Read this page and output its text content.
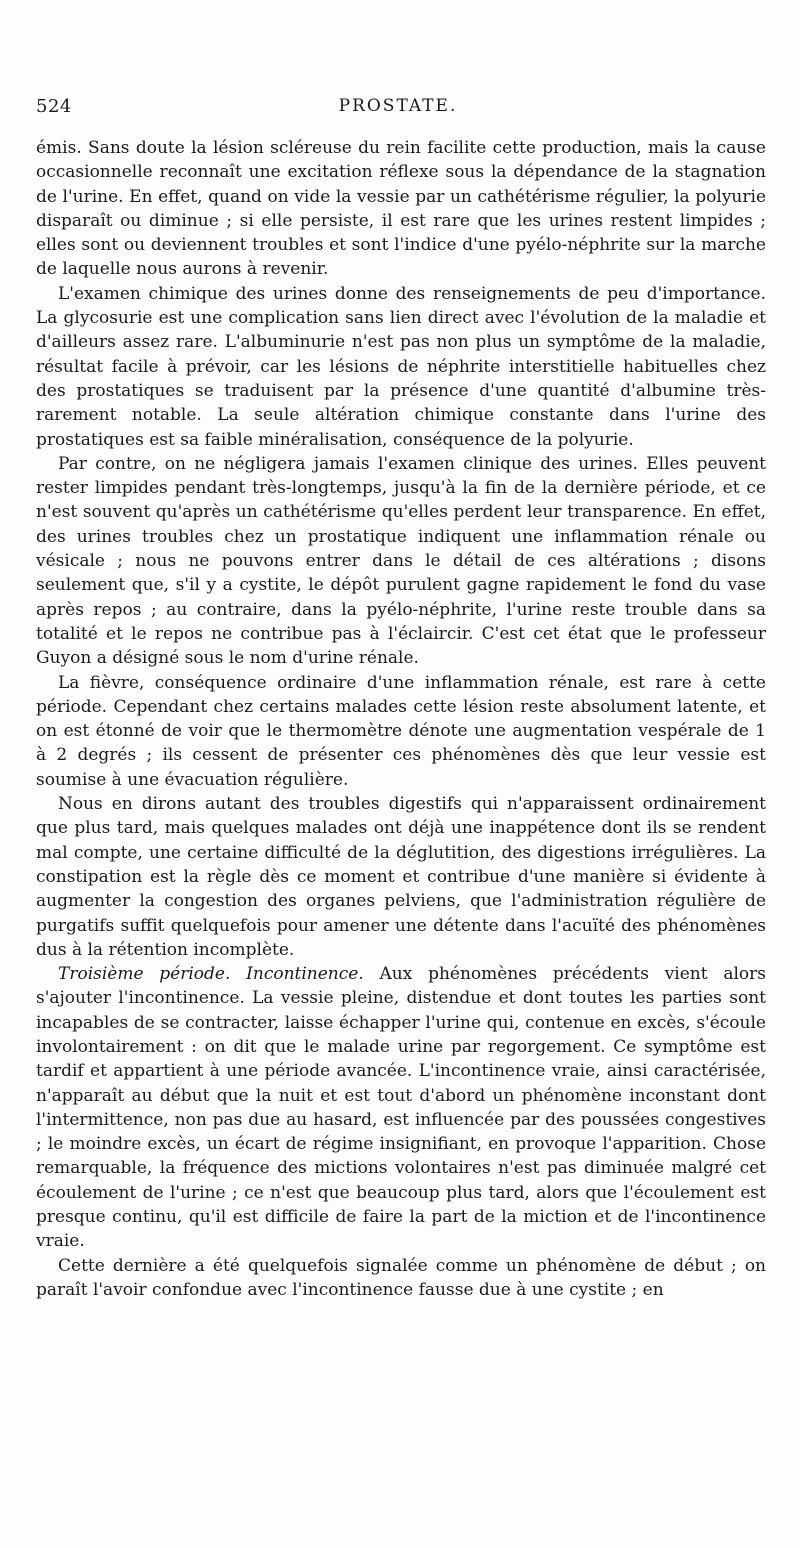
524	PROSTATE.

émis. Sans doute la lésion scléreuse du rein facilite cette production, mais la cause occasionnelle reconnaît une excitation réflexe sous la dépendance de la stagnation de l'urine. En effet, quand on vide la vessie par un cathétérisme régulier, la polyurie disparaît ou diminue ; si elle persiste, il est rare que les urines restent limpides ; elles sont ou deviennent troubles et sont l'indice d'une pyélo-néphrite sur la marche de laquelle nous aurons à revenir.

L'examen chimique des urines donne des renseignements de peu d'importance. La glycosurie est une complication sans lien direct avec l'évolution de la maladie et d'ailleurs assez rare. L'albuminurie n'est pas non plus un symptôme de la maladie, résultat facile à prévoir, car les lésions de néphrite interstitielle habituelles chez des prostatiques se traduisent par la présence d'une quantité d'albumine très-rarement notable. La seule altération chimique constante dans l'urine des prostatiques est sa faible minéralisation, conséquence de la polyurie.

Par contre, on ne négligera jamais l'examen clinique des urines. Elles peuvent rester limpides pendant très-longtemps, jusqu'à la fin de la dernière période, et ce n'est souvent qu'après un cathétérisme qu'elles perdent leur transparence. En effet, des urines troubles chez un prostatique indiquent une inflammation rénale ou vésicale ; nous ne pouvons entrer dans le détail de ces altérations ; disons seulement que, s'il y a cystite, le dépôt purulent gagne rapidement le fond du vase après repos ; au contraire, dans la pyélo-néphrite, l'urine reste trouble dans sa totalité et le repos ne contribue pas à l'éclaircir. C'est cet état que le professeur Guyon a désigné sous le nom d'urine rénale.

La fièvre, conséquence ordinaire d'une inflammation rénale, est rare à cette période. Cependant chez certains malades cette lésion reste absolument latente, et on est étonné de voir que le thermomètre dénote une augmentation vespérale de 1 à 2 degrés ; ils cessent de présenter ces phénomènes dès que leur vessie est soumise à une évacuation régulière.

Nous en dirons autant des troubles digestifs qui n'apparaissent ordinairement que plus tard, mais quelques malades ont déjà une inappétence dont ils se rendent mal compte, une certaine difficulté de la déglutition, des digestions irrégulières. La constipation est la règle dès ce moment et contribue d'une manière si évidente à augmenter la congestion des organes pelviens, que l'administration régulière de purgatifs suffit quelquefois pour amener une détente dans l'acuïté des phénomènes dus à la rétention incomplète.

Troisième période. Incontinence. Aux phénomènes précédents vient alors s'ajouter l'incontinence. La vessie pleine, distendue et dont toutes les parties sont incapables de se contracter, laisse échapper l'urine qui, contenue en excès, s'écoule involontairement : on dit que le malade urine par regorgement. Ce symptôme est tardif et appartient à une période avancée. L'incontinence vraie, ainsi caractérisée, n'apparaît au début que la nuit et est tout d'abord un phénomène inconstant dont l'intermittence, non pas due au hasard, est influencée par des poussées congestives ; le moindre excès, un écart de régime insignifiant, en provoque l'apparition. Chose remarquable, la fréquence des mictions volontaires n'est pas diminuée malgré cet écoulement de l'urine ; ce n'est que beaucoup plus tard, alors que l'écoulement est presque continu, qu'il est difficile de faire la part de la miction et de l'incontinence vraie.

Cette dernière a été quelquefois signalée comme un phénomène de début ; on paraît l'avoir confondue avec l'incontinence fausse due à une cystite ; en
